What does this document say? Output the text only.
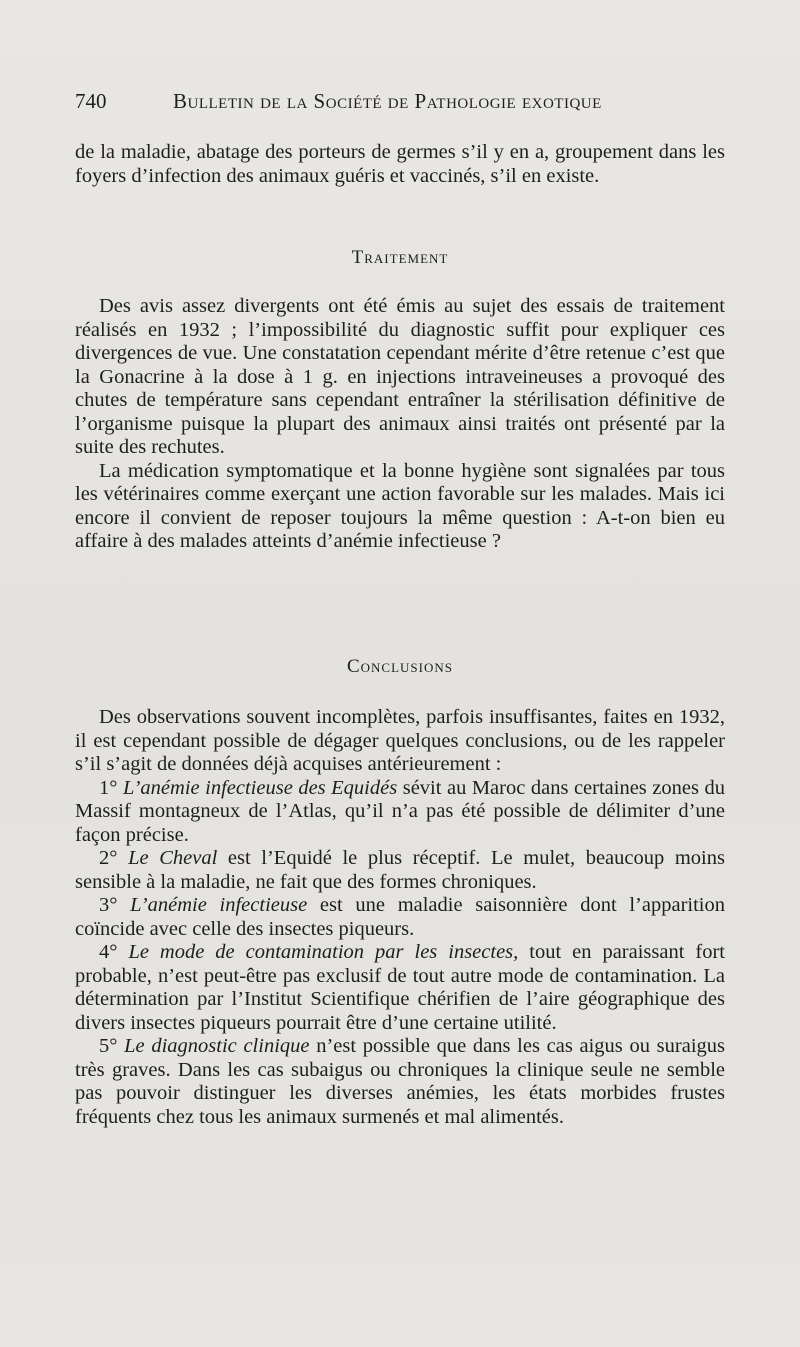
740	Bulletin de la Société de Pathologie exotique

de la maladie, abatage des porteurs de germes s’il y en a, groupement dans les foyers d’infection des animaux guéris et vaccinés, s’il en existe.

Traitement

Des avis assez divergents ont été émis au sujet des essais de traitement réalisés en 1932 ; l’impossibilité du diagnostic suffit pour expliquer ces divergences de vue. Une constatation cependant mérite d’être retenue c’est que la Gonacrine à la dose à 1 g. en injections intraveineuses a provoqué des chutes de température sans cependant entraîner la stérilisation définitive de l’organisme puisque la plupart des animaux ainsi traités ont présenté par la suite des rechutes.

La médication symptomatique et la bonne hygiène sont signalées par tous les vétérinaires comme exerçant une action favorable sur les malades. Mais ici encore il convient de reposer toujours la même question : A-t-on bien eu affaire à des malades atteints d’anémie infectieuse ?

Conclusions

Des observations souvent incomplètes, parfois insuffisantes, faites en 1932, il est cependant possible de dégager quelques conclusions, ou de les rappeler s’il s’agit de données déjà acquises antérieurement :

1° L’anémie infectieuse des Equidés sévit au Maroc dans certaines zones du Massif montagneux de l’Atlas, qu’il n’a pas été possible de délimiter d’une façon précise.

2° Le Cheval est l’Equidé le plus réceptif. Le mulet, beaucoup moins sensible à la maladie, ne fait que des formes chroniques.

3° L’anémie infectieuse est une maladie saisonnière dont l’apparition coïncide avec celle des insectes piqueurs.

4° Le mode de contamination par les insectes, tout en paraissant fort probable, n’est peut-être pas exclusif de tout autre mode de contamination. La détermination par l’Institut Scientifique chérifien de l’aire géographique des divers insectes piqueurs pourrait être d’une certaine utilité.

5° Le diagnostic clinique n’est possible que dans les cas aigus ou suraigus très graves. Dans les cas subaigus ou chroniques la clinique seule ne semble pas pouvoir distinguer les diverses anémies, les états morbides frustes fréquents chez tous les animaux surmenés et mal alimentés.
